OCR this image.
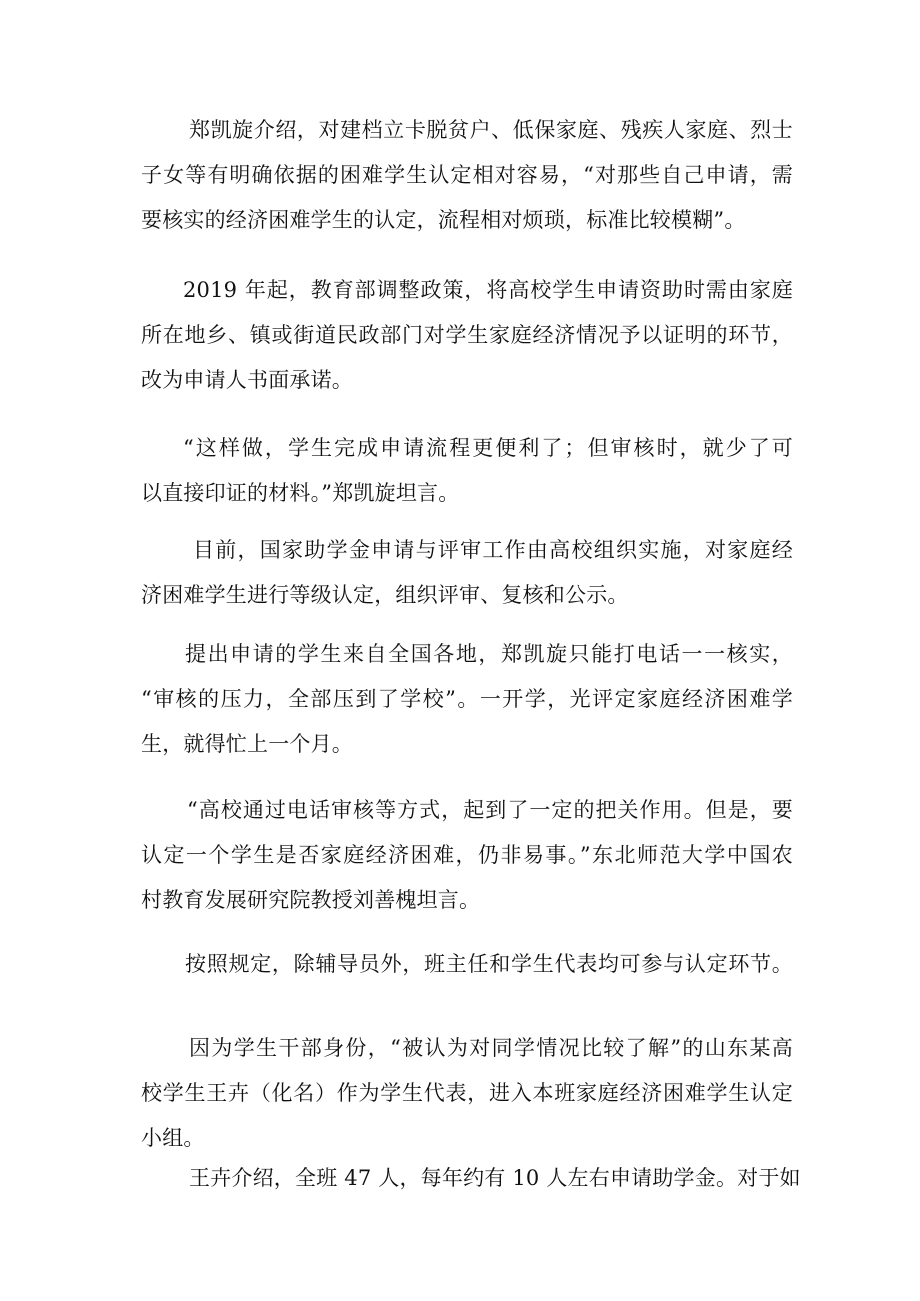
郑凯旋介绍，对建档立卡脱贫户、低保家庭、残疾人家庭、烈士
子女等有明确依据的困难学生认定相对容易，“对那些自己申请，需
要核实的经济困难学生的认定，流程相对烦琐，标准比较模糊”。
2019 年起，教育部调整政策，将高校学生申请资助时需由家庭
所在地乡、镇或街道民政部门对学生家庭经济情况予以证明的环节，
改为申请人书面承诺。
“这样做，学生完成申请流程更便利了；但审核时，就少了可
以直接印证的材料。”郑凯旋坦言。
目前，国家助学金申请与评审工作由高校组织实施，对家庭经
济困难学生进行等级认定，组织评审、复核和公示。
提出申请的学生来自全国各地，郑凯旋只能打电话一一核实，
“审核的压力，全部压到了学校”。一开学，光评定家庭经济困难学
生，就得忙上一个月。
“高校通过电话审核等方式，起到了一定的把关作用。但是，要
认定一个学生是否家庭经济困难，仍非易事。”东北师范大学中国农
村教育发展研究院教授刘善槐坦言。
按照规定，除辅导员外，班主任和学生代表均可参与认定环节。
因为学生干部身份，“被认为对同学情况比较了解”的山东某高
校学生王卉（化名）作为学生代表，进入本班家庭经济困难学生认定
小组。
王卉介绍，全班 47 人，每年约有 10 人左右申请助学金。对于如
